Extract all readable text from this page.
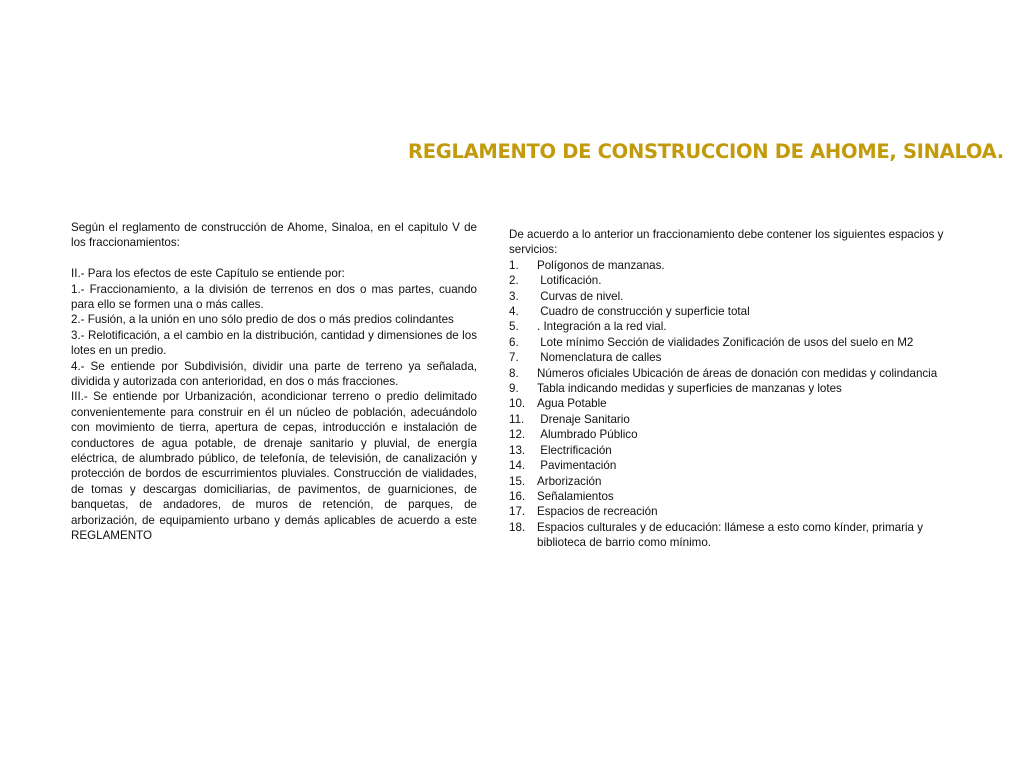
REGLAMENTO DE CONSTRUCCION DE AHOME, SINALOA.

Según el reglamento de construcción de Ahome, Sinaloa, en el capitulo V de los fraccionamientos:

II.- Para los efectos de este Capítulo se entiende por:

1.- Fraccionamiento, a la división de terrenos en dos o mas partes, cuando para ello se formen una o más calles.

2.- Fusión, a la unión en uno sólo predio de dos o más predios colindantes

3.- Relotificación, a el cambio en la distribución, cantidad y dimensiones de los lotes en un predio.

4.- Se entiende por Subdivisión, dividir una parte de terreno ya señalada, dividida y autorizada con anterioridad, en dos o más fracciones.

III.- Se entiende por Urbanización, acondicionar terreno o predio delimitado convenientemente para construir en él un núcleo de población, adecuándolo con movimiento de tierra, apertura de cepas, introducción e instalación de conductores de agua potable, de drenaje sanitario y pluvial, de energía eléctrica, de alumbrado público, de telefonía, de televisión, de canalización y protección de bordos de escurrimientos pluviales. Construcción de vialidades, de tomas y descargas domiciliarias, de pavimentos, de guarniciones, de banquetas, de andadores, de muros de retención, de parques, de arborización, de equipamiento urbano y demás aplicables de acuerdo a este REGLAMENTO

De acuerdo a lo anterior un fraccionamiento debe contener los siguientes espacios y servicios:

1.	Polígonos de manzanas.
2.	Lotificación.
3.	Curvas de nivel.
4.	Cuadro de construcción y superficie total
5.	. Integración a la red vial.
6.	Lote mínimo Sección de vialidades Zonificación de usos del suelo en M2
7.	Nomenclatura de calles
8.	Números oficiales Ubicación de áreas de donación con medidas y colindancia
9.	Tabla indicando medidas y superficies de manzanas y lotes
10.	Agua Potable
11.	Drenaje Sanitario
12.	Alumbrado Público
13.	Electrificación
14.	Pavimentación
15.	Arborización
16.	Señalamientos
17.	Espacios de recreación
18.	Espacios culturales y de educación: llámese a esto como kínder, primaria y biblioteca de barrio como mínimo.
